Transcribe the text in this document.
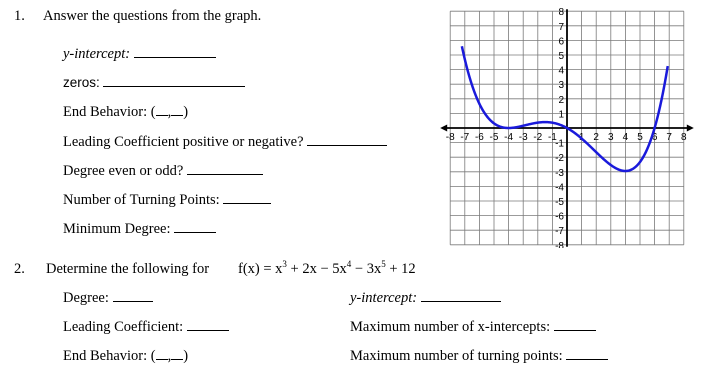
1. Answer the questions from the graph.
y-intercept:
zeros:
End Behavior: ( , )
Leading Coefficient positive or negative?
Degree even or odd?
Number of Turning Points:
Minimum Degree:
2. Determine the following for $f(x) = x^3 + 2x - 5x^4 - 3x^5 + 12$
Degree:	y-intercept:
Leading Coefficient:	Maximum number of x-intercepts:
End Behavior: ( , )	Maximum number of turning points:
-8 -7 -6 -5 -4 -3 -2 -1 1 2 3 4 5 6 7 8
8
7
6
5
4
3
2
1
-1
-2
-3
-4
-5
-6
-7
-8
